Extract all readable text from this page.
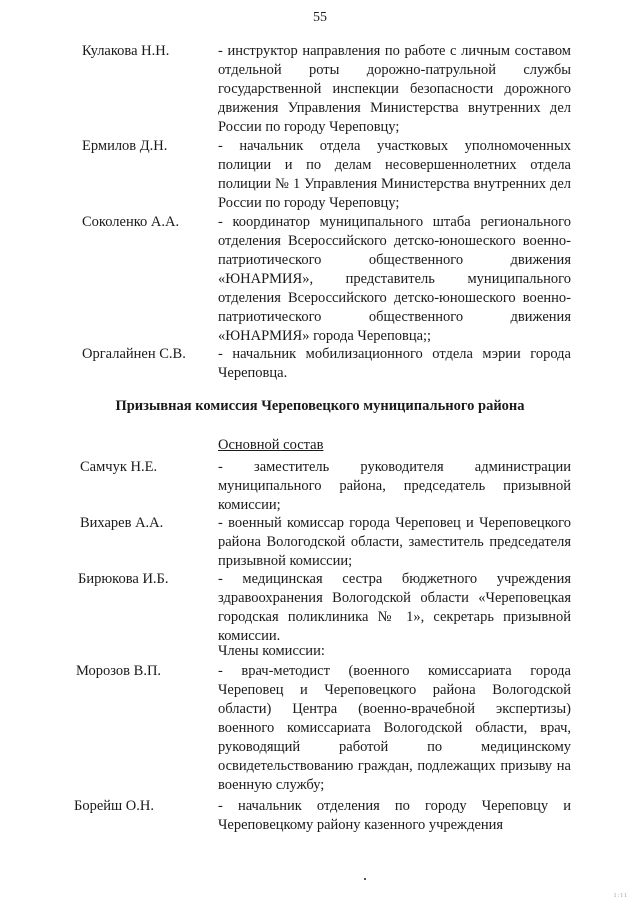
55
Кулакова Н.Н.	- инструктор направления по работе с личным составом отдельной роты дорожно-патрульной службы государственной инспекции безопасности дорожного движения Управления Министерства внутренних дел России по городу Череповцу;
Ермилов Д.Н.	- начальник отдела участковых уполномоченных полиции и по делам несовершеннолетних отдела полиции № 1 Управления Министерства внутренних дел России по городу Череповцу;
Соколенко А.А.	- координатор муниципального штаба регионального отделения Всероссийского детско-юношеского военно-патриотического общественного движения «ЮНАРМИЯ», представитель муниципального отделения Всероссийского детско-юношеского военно-патриотического общественного движения «ЮНАРМИЯ» города Череповца;;
Оргалайнен С.В. - начальник мобилизационного отдела мэрии города Череповца.
Призывная комиссия Череповецкого муниципального района
Основной состав
Самчук Н.Е.	- заместитель руководителя администрации муниципального района, председатель призывной комиссии;
Вихарев А.А.	- военный комиссар города Череповец и Череповецкого района Вологодской области, заместитель председателя призывной комиссии;
Бирюкова И.Б.	- медицинская сестра бюджетного учреждения здравоохранения Вологодской области «Череповецкая городская поликлиника № 1», секретарь призывной комиссии.
Члены комиссии:
Морозов В.П.	- врач-методист (военного комиссариата города Череповец и Череповецкого района Вологодской области) Центра (военно-врачебной экспертизы) военного комиссариата Вологодской области, врач, руководящий работой по медицинскому освидетельствованию граждан, подлежащих призыву на военную службу;
Борейш О.Н.	- начальник отделения по городу Череповцу и Череповецкому району казенного учреждения
1:11
